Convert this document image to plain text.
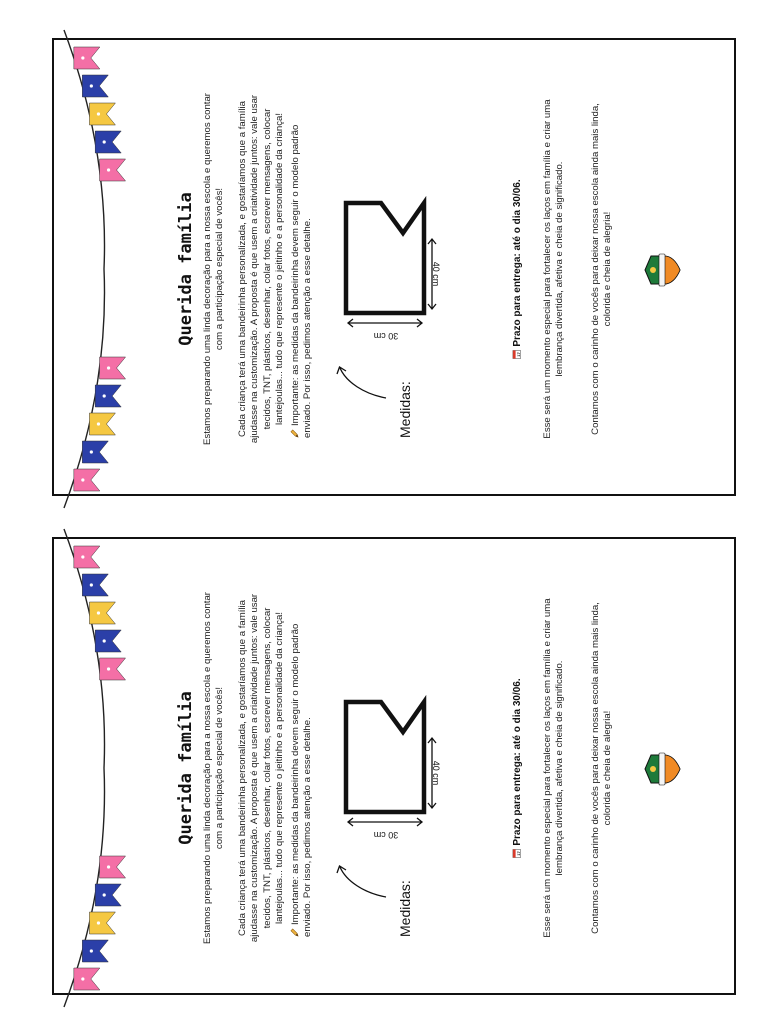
Querida família Estamos preparando uma linda decoração para a nossa escola e queremos contar com a participação especial de vocês! Cada criança terá uma bandeirinha personalizada, e gostaríamos que a família ajudasse na customização. A proposta é que usem a criatividade juntos: vale usar tecidos, TNT, plásticos, desenhar, colar fotos, escrever mensagens, colocar lantejoulas... tudo que represente o jeitinho e a personalidade da criança! Importante: as medidas da bandeirinha devem seguir o modelo padrão enviado. Por isso, pedimos atenção a esse detalhe.	Medidas:

30 cm
40 cm

17
Prazo para entrega: até o dia 30/06. Esse será um momento especial para fortalecer os laços em família e criar uma lembrança divertida, afetiva e cheia de significado.	Contamos com o carinho de vocês para deixar nossa escola ainda mais linda, colorida e cheia de alegria!

Querida família Estamos preparando uma linda decoração para a nossa escola e queremos contar com a participação especial de vocês! Cada criança terá uma bandeirinha personalizada, e gostaríamos que a família ajudasse na customização. A proposta é que usem a criatividade juntos: vale usar tecidos, TNT, plásticos, desenhar, colar fotos, escrever mensagens, colocar lantejoulas... tudo que represente o jeitinho e a personalidade da criança! Importante: as medidas da bandeirinha devem seguir o modelo padrão enviado. Por isso, pedimos atenção a esse detalhe.	Medidas:

30 cm
40 cm

17
Prazo para entrega: até o dia 30/06. Esse será um momento especial para fortalecer os laços em família e criar uma lembrança divertida, afetiva e cheia de significado.	Contamos com o carinho de vocês para deixar nossa escola ainda mais linda, colorida e cheia de alegria!
